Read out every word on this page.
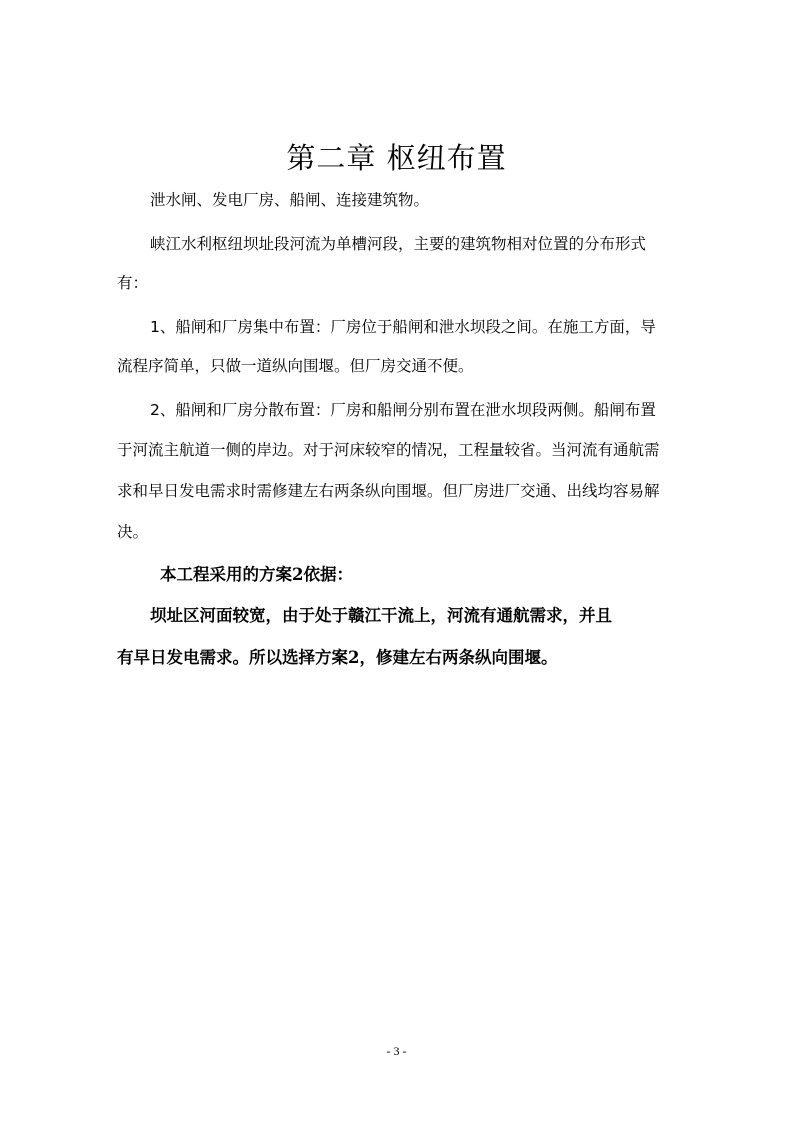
第二章 枢纽布置
泄水闸、发电厂房、船闸、连接建筑物。
峡江水利枢纽坝址段河流为单槽河段，主要的建筑物相对位置的分布形式
有：
1、船闸和厂房集中布置：厂房位于船闸和泄水坝段之间。在施工方面，导
流程序简单，只做一道纵向围堰。但厂房交通不便。
2、船闸和厂房分散布置：厂房和船闸分别布置在泄水坝段两侧。船闸布置
于河流主航道一侧的岸边。对于河床较窄的情况，工程量较省。当河流有通航需
求和早日发电需求时需修建左右两条纵向围堰。但厂房进厂交通、出线均容易解
决。
本工程采用的方案2依据：
坝址区河面较宽，由于处于赣江干流上，河流有通航需求，并且
有早日发电需求。所以选择方案2，修建左右两条纵向围堰。
- 3 -
